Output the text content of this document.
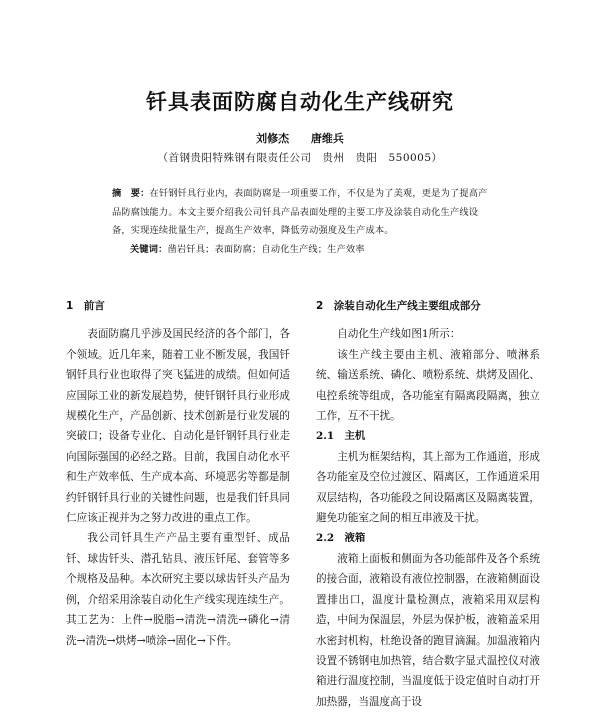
钎具表面防腐自动化生产线研究
刘修杰 唐维兵
（首钢贵阳特殊钢有限责任公司　贵州　贵阳　550005）
摘　要：在钎钢钎具行业内，表面防腐是一项重要工作，不仅是为了美观，更是为了提高产品防腐蚀能力。本文主要介绍我公司钎具产品表面处理的主要工序及涂装自动化生产线设备，实现连续批量生产，提高生产效率，降低劳动强度及生产成本。
关键词：凿岩钎具；表面防腐；自动化生产线；生产效率
1　前言

表面防腐几乎涉及国民经济的各个部门，各个领域。近几年来，随着工业不断发展，我国钎钢钎具行业也取得了突飞猛进的成绩。但如何适应国际工业的新发展趋势，使钎钢钎具行业形成规模化生产，产品创新、技术创新是行业发展的突破口；设备专业化、自动化是钎钢钎具行业走向国际强国的必经之路。目前，我国自动化水平和生产效率低、生产成本高、环境恶劣等都是制约钎钢钎具行业的关键性问题，也是我们钎具同仁应该正视并为之努力改进的重点工作。

我公司钎具生产产品主要有重型钎、成品钎、球齿钎头、潜孔钻具、液压钎尾、套管等多个规格及品种。本次研究主要以球齿钎头产品为例，介绍采用涂装自动化生产线实现连续生产。其工艺为：上件→脱脂→清洗→清洗→磷化→清洗→清洗→烘烤→喷涂→固化→下件。

2　涂装自动化生产线主要组成部分

自动化生产线如图1所示：

该生产线主要由主机、液箱部分、喷淋系统、输送系统、磷化、喷粉系统、烘烤及固化、电控系统等组成，各功能室有隔离段隔离，独立工作，互不干扰。

2.1　主机

主机为框架结构，其上部为工作通道，形成各功能室及空位过渡区、隔离区，工作通道采用双层结构，各功能段之间设隔离区及隔离装置，避免功能室之间的相互串液及干扰。

2.2　液箱

液箱上面板和侧面为各功能部件及各个系统的接合面，液箱设有液位控制器，在液箱侧面设置排出口，温度计量检测点，液箱采用双层构造，中间为保温层，外层为保护板，液箱盖采用水密封机构，杜绝设备的跑冒滴漏。加温液箱内设置不锈钢电加热管，结合数字显式温控仪对液箱进行温度控制，当温度低于设定值时自动打开加热器，当温度高于设
